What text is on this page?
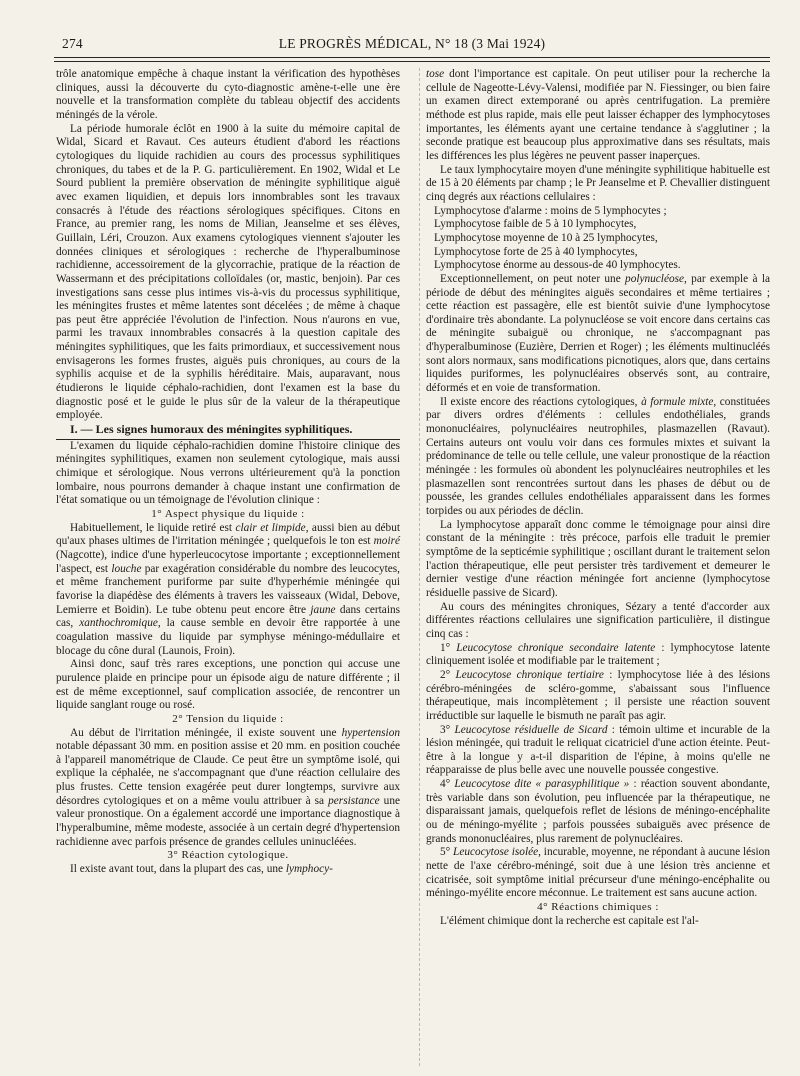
274	LE PROGRÈS MÉDICAL, N° 18 (3 Mai 1924)

trôle anatomique empêche à chaque instant la vérification des hypothèses cliniques, aussi la découverte du cyto-diagnostic amène-t-elle une ère nouvelle et la transformation complète du tableau objectif des accidents méningés de la vérole.

La période humorale éclôt en 1900 à la suite du mémoire capital de Widal, Sicard et Ravaut. Ces auteurs étudient d'abord les réactions cytologiques du liquide rachidien au cours des processus syphilitiques chroniques, du tabes et de la P. G. particulièrement. En 1902, Widal et Le Sourd publient la première observation de méningite syphilitique aiguë avec examen liquidien, et depuis lors innombrables sont les travaux consacrés à l'étude des réactions sérologiques spécifiques. Citons en France, au premier rang, les noms de Milian, Jeanselme et ses élèves, Guillain, Léri, Crouzon. Aux examens cytologiques viennent s'ajouter les données cliniques et sérologiques : recherche de l'hyperalbuminose rachidienne, accessoirement de la glycorrachie, pratique de la réaction de Wassermann et des précipitations colloïdales (or, mastic, benjoin). Par ces investigations sans cesse plus intimes vis-à-vis du processus syphilitique, les méningites frustes et même latentes sont décelées ; de même à chaque pas peut être appréciée l'évolution de l'infection. Nous n'aurons en vue, parmi les travaux innombrables consacrés à la question capitale des méningites syphilitiques, que les faits primordiaux, et successivement nous envisagerons les formes frustes, aiguës puis chroniques, au cours de la syphilis acquise et de la syphilis héréditaire. Mais, auparavant, nous étudierons le liquide céphalo-rachidien, dont l'examen est la base du diagnostic posé et le guide le plus sûr de la valeur de la thérapeutique employée.

I. — Les signes humoraux des méningites syphilitiques.

L'examen du liquide céphalo-rachidien domine l'histoire clinique des méningites syphilitiques, examen non seulement cytologique, mais aussi chimique et sérologique. Nous verrons ultérieurement qu'à la ponction lombaire, nous pourrons demander à chaque instant une confirmation de l'état somatique ou un témoignage de l'évolution clinique :

1° Aspect physique du liquide :

Habituellement, le liquide retiré est clair et limpide, aussi bien au début qu'aux phases ultimes de l'irritation méningée ; quelquefois le ton est moiré (Nagcotte), indice d'une hyperleucocytose importante ; exceptionnellement l'aspect, est louche par exagération considérable du nombre des leucocytes, et même franchement puriforme par suite d'hyperhémie méningée qui favorise la diapédèse des éléments à travers les vaisseaux (Widal, Debove, Lemierre et Boidin). Le tube obtenu peut encore être jaune dans certains cas, xanthochromique, la cause semble en devoir être rapportée à une coagulation massive du liquide par symphyse méningo-médullaire et blocage du cône dural (Launois, Froin).

Ainsi donc, sauf très rares exceptions, une ponction qui accuse une purulence plaide en principe pour un épisode aigu de nature différente ; il est de même exceptionnel, sauf complication associée, de rencontrer un liquide sanglant rouge ou rosé.

2° Tension du liquide :

Au début de l'irritation méningée, il existe souvent une hypertension notable dépassant 30 mm. en position assise et 20 mm. en position couchée à l'appareil manométrique de Claude. Ce peut être un symptôme isolé, qui explique la céphalée, ne s'accompagnant que d'une réaction cellulaire des plus frustes. Cette tension exagérée peut durer longtemps, survivre aux désordres cytologiques et on a même voulu attribuer à sa persistance une valeur pronostique. On a également accordé une importance diagnostique à l'hyperalbumine, même modeste, associée à un certain degré d'hypertension rachidienne avec parfois présence de grandes cellules uninucléées.

3° Réaction cytologique.

Il existe avant tout, dans la plupart des cas, une lymphocy-

tose dont l'importance est capitale. On peut utiliser pour la recherche la cellule de Nageotte-Lévy-Valensi, modifiée par N. Fiessinger, ou bien faire un examen direct extemporané ou après centrifugation. La première méthode est plus rapide, mais elle peut laisser échapper des lymphocytoses importantes, les éléments ayant une certaine tendance à s'agglutiner ; la seconde pratique est beaucoup plus approximative dans ses résultats, mais les différences les plus légères ne peuvent passer inaperçues.

Le taux lymphocytaire moyen d'une méningite syphilitique habituelle est de 15 à 20 éléments par champ ; le Pr Jeanselme et P. Chevallier distinguent cinq degrés aux réactions cellulaires :

Lymphocytose d'alarme : moins de 5 lymphocytes ;

Lymphocytose faible de 5 à 10 lymphocytes,

Lymphocytose moyenne de 10 à 25 lymphocytes,

Lymphocytose forte de 25 à 40 lymphocytes,

Lymphocytose énorme au dessous-de 40 lymphocytes.

Exceptionnellement, on peut noter une polynucléose, par exemple à la période de début des méningites aiguës secondaires et même tertiaires ; cette réaction est passagère, elle est bientôt suivie d'une lymphocytose d'ordinaire très abondante. La polynucléose se voit encore dans certains cas de méningite subaiguë ou chronique, ne s'accompagnant pas d'hyperalbuminose (Euzière, Derrien et Roger) ; les éléments multinucléés sont alors normaux, sans modifications picnotiques, alors que, dans certains liquides puriformes, les polynucléaires observés sont, au contraire, déformés et en voie de transformation.

Il existe encore des réactions cytologiques, à formule mixte, constituées par divers ordres d'éléments : cellules endothéliales, grands mononucléaires, polynucléaires neutrophiles, plasmazellen (Ravaut). Certains auteurs ont voulu voir dans ces formules mixtes et suivant la prédominance de telle ou telle cellule, une valeur pronostique de la réaction méningée : les formules où abondent les polynucléaires neutrophiles et les plasmazellen sont rencontrées surtout dans les phases de début ou de poussée, les grandes cellules endothéliales apparaissent dans les formes torpides ou aux périodes de déclin.

La lymphocytose apparaît donc comme le témoignage pour ainsi dire constant de la méningite : très précoce, parfois elle traduit le premier symptôme de la septicémie syphilitique ; oscillant durant le traitement selon l'action thérapeutique, elle peut persister très tardivement et demeurer le dernier vestige d'une réaction méningée fort ancienne (lymphocytose résiduelle passive de Sicard).

Au cours des méningites chroniques, Sézary a tenté d'accorder aux différentes réactions cellulaires une signification particulière, il distingue cinq cas :

1° Leucocytose chronique secondaire latente : lymphocytose latente cliniquement isolée et modifiable par le traitement ;

2° Leucocytose chronique tertiaire : lymphocytose liée à des lésions cérébro-méningées de scléro-gomme, s'abaissant sous l'influence thérapeutique, mais incomplètement ; il persiste une réaction souvent irréductible sur laquelle le bismuth ne paraît pas agir.

3° Leucocytose résiduelle de Sicard : témoin ultime et incurable de la lésion méningée, qui traduit le reliquat cicatriciel d'une action éteinte. Peut-être à la longue y a-t-il disparition de l'épine, à moins qu'elle ne réapparaisse de plus belle avec une nouvelle poussée congestive.

4° Leucocytose dite « parasyphilitique » : réaction souvent abondante, très variable dans son évolution, peu influencée par la thérapeutique, ne disparaissant jamais, quelquefois reflet de lésions de méningo-encéphalite ou de méningo-myélite ; parfois poussées subaiguës avec présence de grands mononucléaires, plus rarement de polynucléaires.

5° Leucocytose isolée, incurable, moyenne, ne répondant à aucune lésion nette de l'axe cérébro-méningé, soit due à une lésion très ancienne et cicatrisée, soit symptôme initial précurseur d'une méningo-encéphalite ou méningo-myélite encore méconnue. Le traitement est sans aucune action.

4° Réactions chimiques :

L'élément chimique dont la recherche est capitale est l'al-
